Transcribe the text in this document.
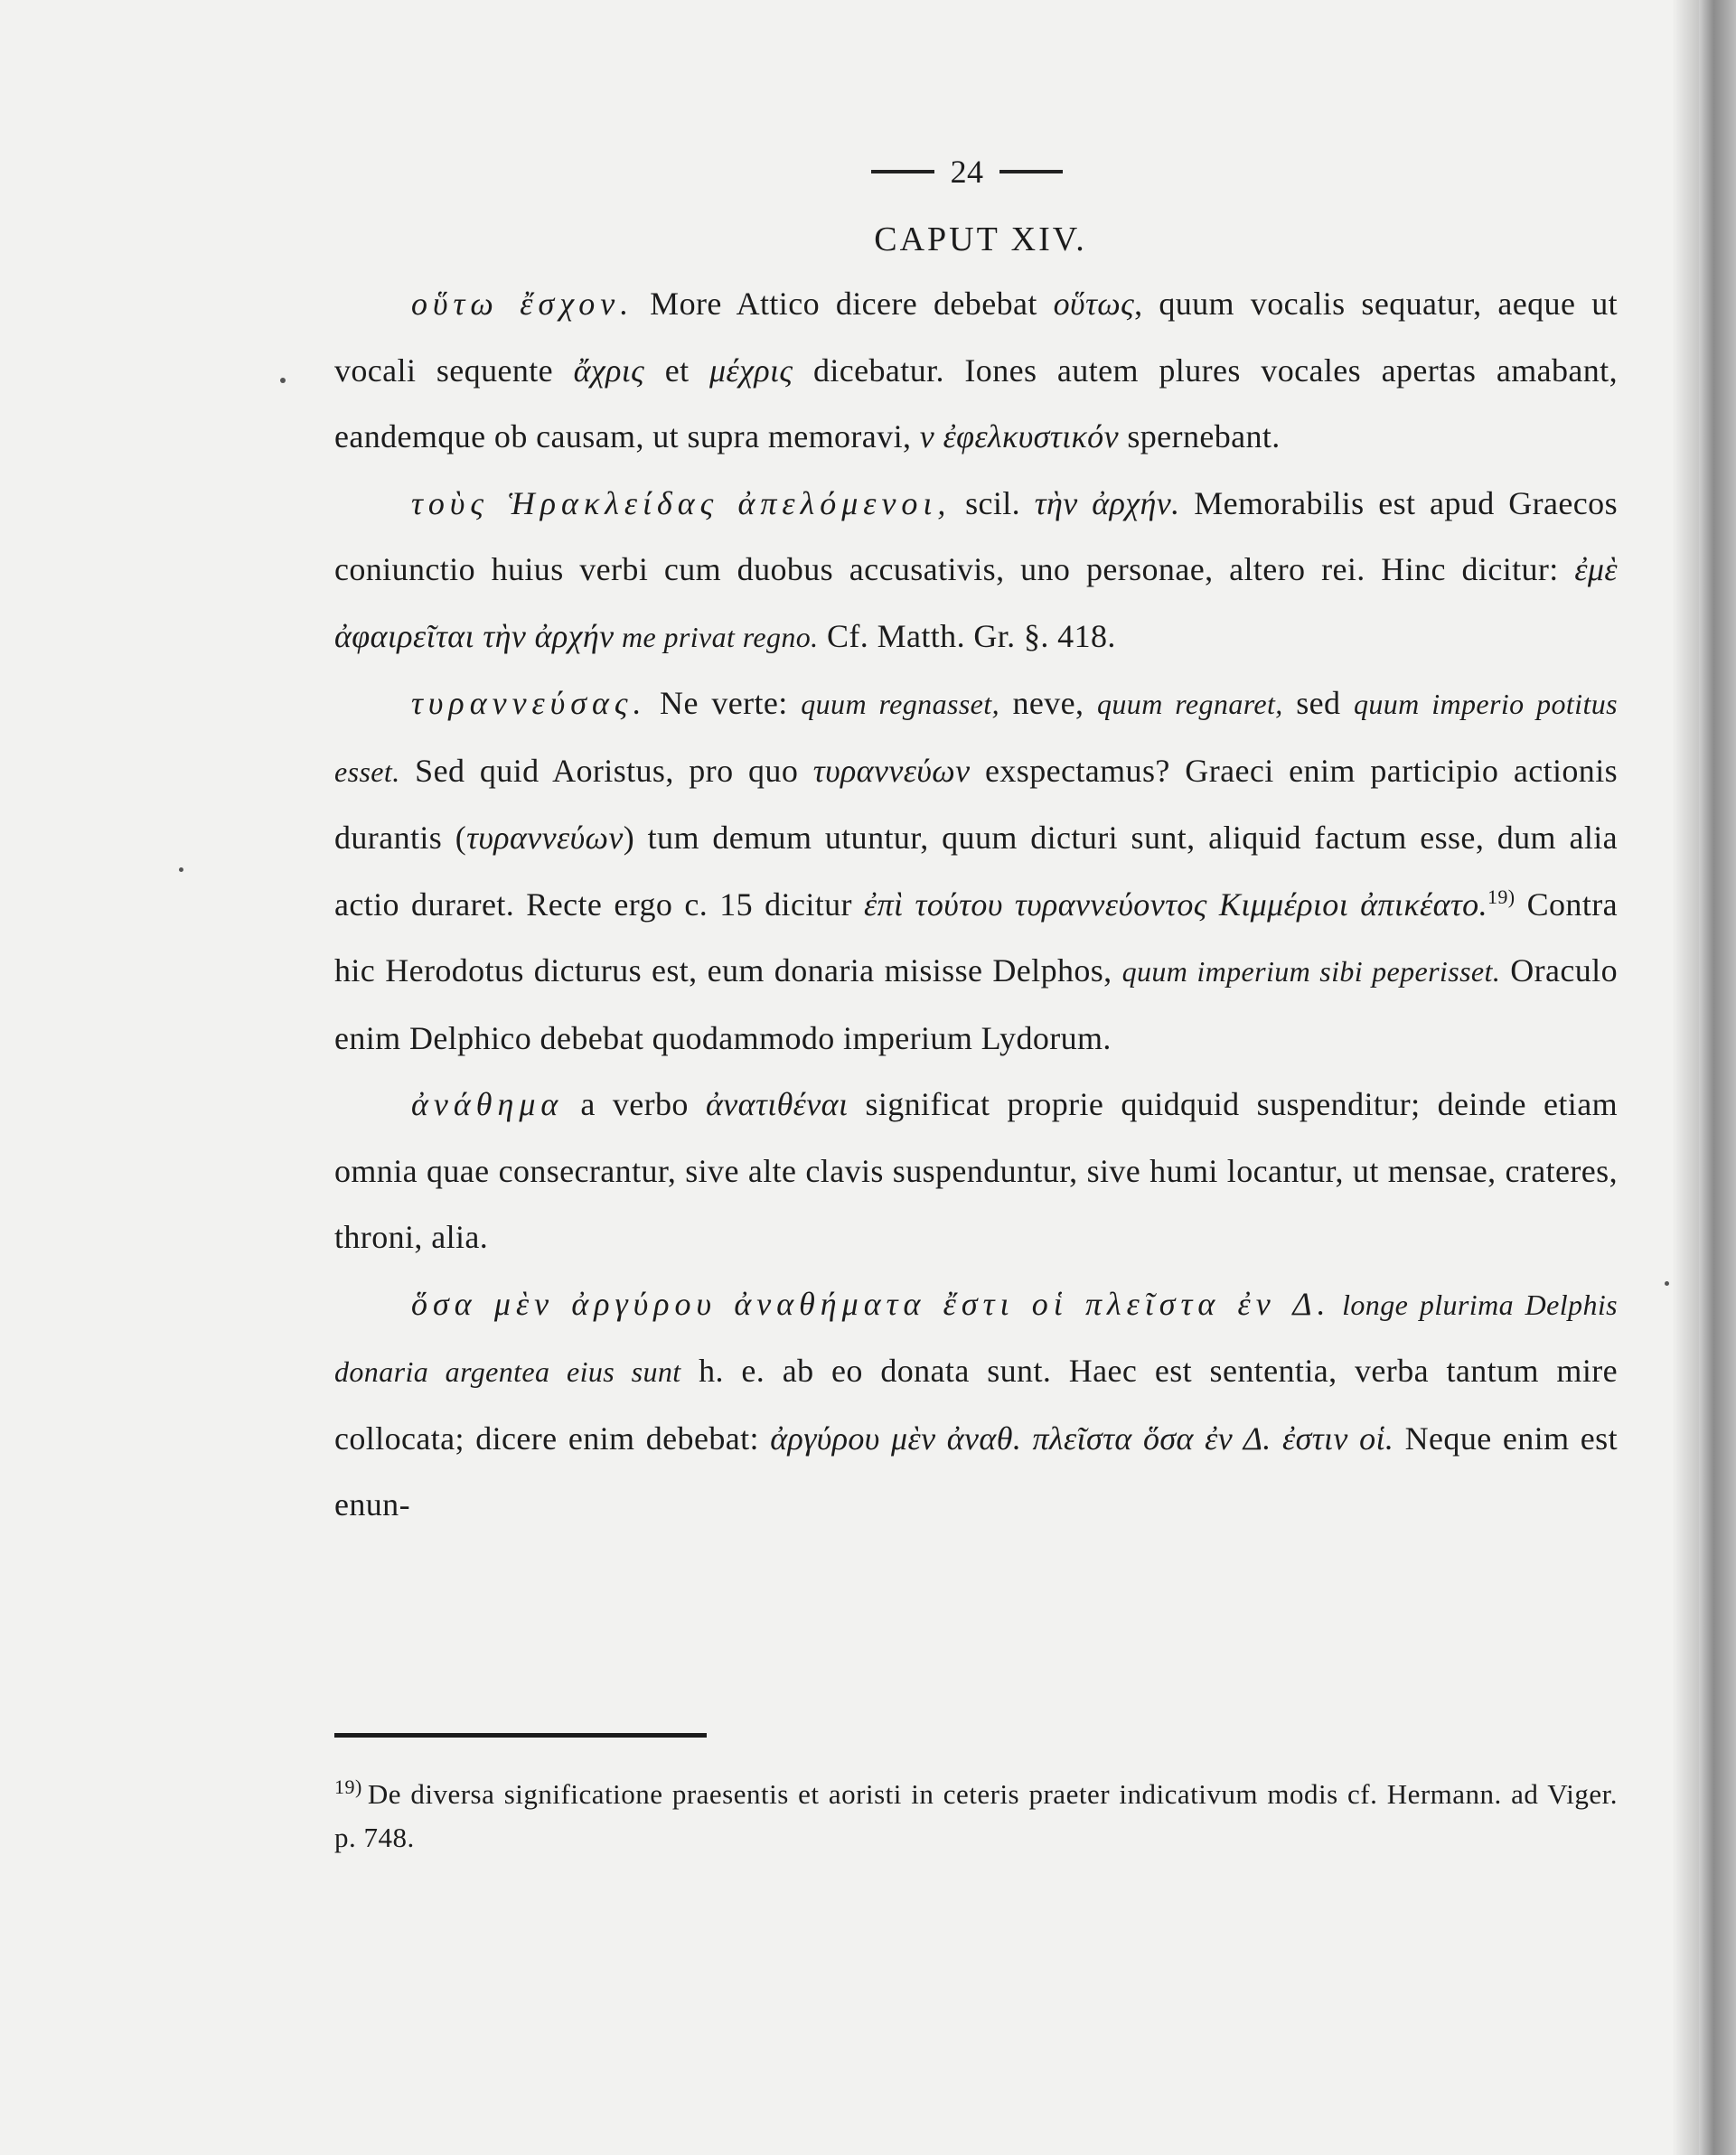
24
CAPUT XIV.

οὕτω ἔσχον. More Attico dicere debebat οὕτως, quum vocalis sequatur, aeque ut vocali sequente ἄχρις et μέχρις dicebatur. Iones autem plures vocales apertas amabant, eandemque ob causam, ut supra memoravi, ν ἐφελκυστικόν spernebant.

τοὺς Ἡρακλείδας ἀπελόμενοι, scil. τὴν ἀρχήν. Memorabilis est apud Graecos coniunctio huius verbi cum duobus accusativis, uno personae, altero rei. Hinc dicitur: ἐμὲ ἀφαιρεῖται τὴν ἀρχήν me privat regno. Cf. Matth. Gr. §. 418.

τυραννεύσας. Ne verte: quum regnasset, neve, quum regnaret, sed quum imperio potitus esset. Sed quid Aoristus, pro quo τυραννεύων exspectamus? Graeci enim participio actionis durantis (τυραννεύων) tum demum utuntur, quum dicturi sunt, aliquid factum esse, dum alia actio duraret. Recte ergo c. 15 dicitur ἐπὶ τούτου τυραννεύοντος Κιμμέριοι ἀπικέατο.$^{19)}$ Contra hic Herodotus dicturus est, eum donaria misisse Delphos, quum imperium sibi peperisset. Oraculo enim Delphico debebat quodammodo imperium Lydorum.

ἀνάθημα a verbo ἀνατιθέναι significat proprie quidquid suspenditur; deinde etiam omnia quae consecrantur, sive alte clavis suspenduntur, sive humi locantur, ut mensae, crateres, throni, alia.

ὅσα μὲν ἀργύρου ἀναθήματα ἔστι οἱ πλεῖστα ἐν Δ. longe plurima Delphis donaria argentea eius sunt h. e. ab eo donata sunt. Haec est sententia, verba tantum mire collocata; dicere enim debebat: ἀργύρου μὲν ἀναθ. πλεῖστα ὅσα ἐν Δ. ἐστιν οἱ. Neque enim est enun-

$^{19)}$ De diversa significatione praesentis et aoristi in ceteris praeter indicativum modis cf. Hermann. ad Viger. p. 748.
